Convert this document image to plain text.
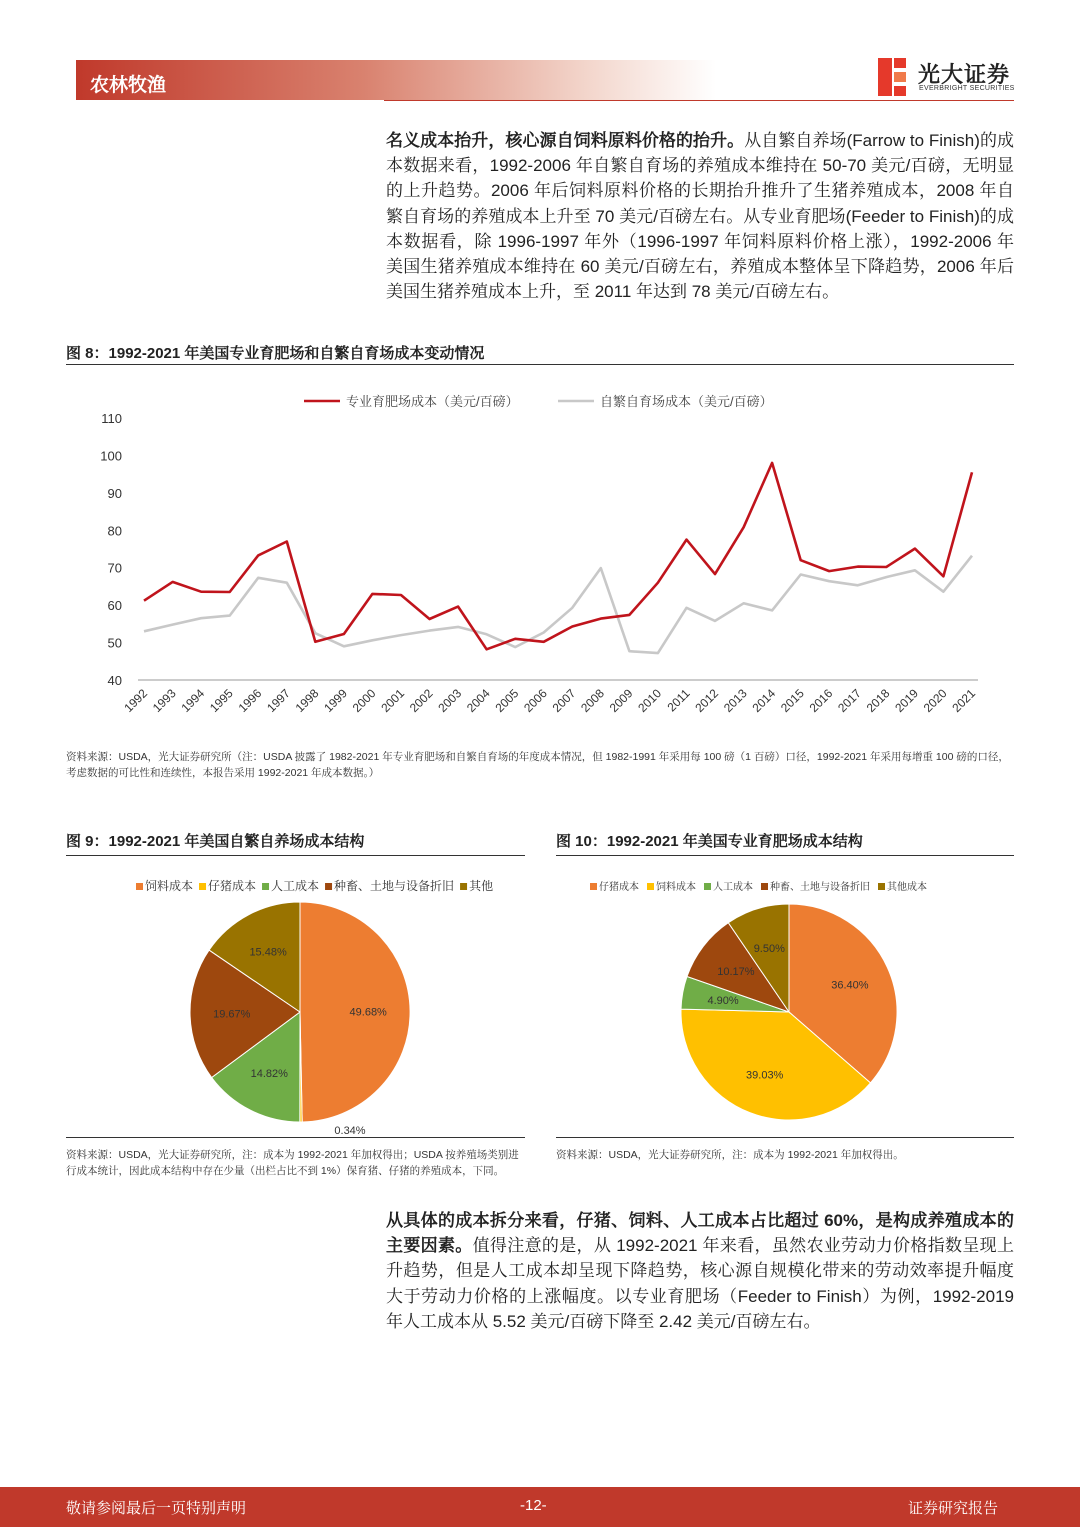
农林牧渔	光大证券
EVERBRIGHT SECURITIES
名义成本抬升，核心源自饲料原料价格的抬升。从自繁自养场(Farrow to Finish)的成本数据来看，1992-2006 年自繁自育场的养殖成本维持在 50-70 美元/百磅，无明显的上升趋势。2006 年后饲料原料价格的长期抬升推升了生猪养殖成本，2008 年自繁自育场的养殖成本上升至 70 美元/百磅左右。从专业育肥场(Feeder to Finish)的成本数据看，除 1996-1997 年外（1996-1997 年饲料原料价格上涨），1992-2006 年美国生猪养殖成本维持在 60 美元/百磅左右，养殖成本整体呈下降趋势，2006 年后美国生猪养殖成本上升，至 2011 年达到 78 美元/百磅左右。
图 8：1992-2021 年美国专业育肥场和自繁自育场成本变动情况
专业育肥场成本（美元/百磅）	自繁自育场成本（美元/百磅）
40
50
60
70
80
90
100
110
1992 1993 1994 1995 1996 1997 1998 1999 2000 2001 2002 2003 2004 2005 2006 2007 2008 2009 2010 2011 2012 2013 2014 2015 2016 2017 2018 2019 2020 2021
资料来源：USDA，光大证券研究所（注：USDA 披露了 1982-2021 年专业育肥场和自繁自育场的年度成本情况，但 1982-1991 年采用每 100 磅（1 百磅）口径，1992-2021 年采用每增重 100 磅的口径，考虑数据的可比性和连续性，本报告采用 1992-2021 年成本数据。）
图 9：1992-2021 年美国自繁自养场成本结构
饲料成本 仔猪成本 人工成本 种畜、土地与设备折旧 其他
49.68%
0.34%
14.82%
19.67%
15.48%
资料来源：USDA，光大证券研究所，注：成本为 1992-2021 年加权得出；USDA 按养殖场类别进行成本统计，因此成本结构中存在少量（出栏占比不到 1%）保育猪、仔猪的养殖成本，下同。
图 10：1992-2021 年美国专业育肥场成本结构
仔猪成本 饲料成本 人工成本 种畜、土地与设备折旧 其他成本
36.40%
39.03%
4.90%
10.17%
9.50%
资料来源：USDA，光大证券研究所，注：成本为 1992-2021 年加权得出。
从具体的成本拆分来看，仔猪、饲料、人工成本占比超过 60%，是构成养殖成本的主要因素。值得注意的是，从 1992-2021 年来看，虽然农业劳动力价格指数呈现上升趋势，但是人工成本却呈现下降趋势，核心源自规模化带来的劳动效率提升幅度大于劳动力价格的上涨幅度。以专业育肥场（Feeder to Finish）为例，1992-2019 年人工成本从 5.52 美元/百磅下降至 2.42 美元/百磅左右。
敬请参阅最后一页特别声明	-12-	证券研究报告
